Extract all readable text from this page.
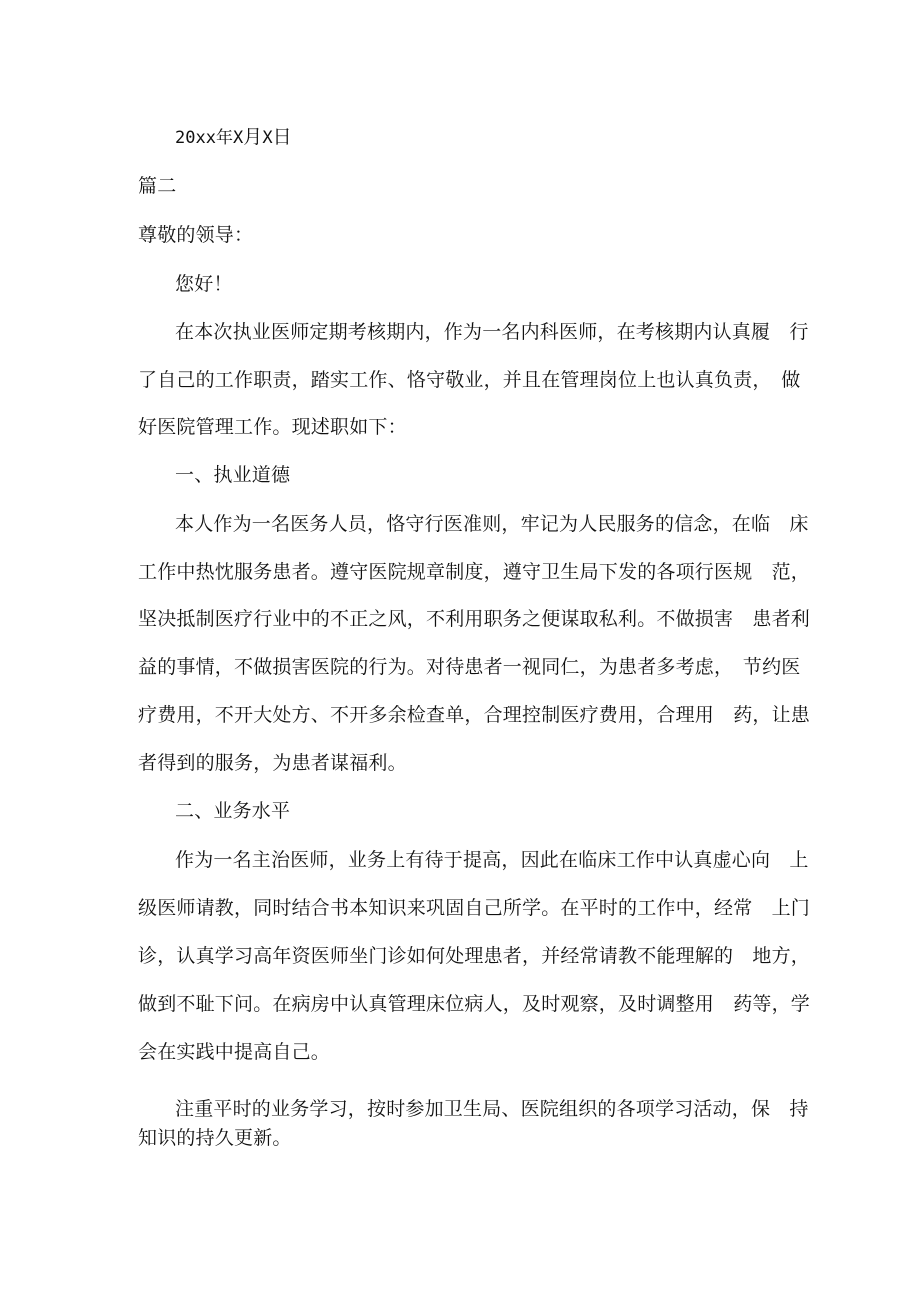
20xx年X月X日
篇二
尊敬的领导：
您好！
在本次执业医师定期考核期内，作为一名内科医师，在考核期内认真履　行
了自己的工作职责，踏实工作、恪守敬业，并且在管理岗位上也认真负责，　做
好医院管理工作。现述职如下：
一、执业道德
本人作为一名医务人员，恪守行医准则，牢记为人民服务的信念，在临　床
工作中热忱服务患者。遵守医院规章制度，遵守卫生局下发的各项行医规　范，
坚决抵制医疗行业中的不正之风，不利用职务之便谋取私利。不做损害　患者利
益的事情，不做损害医院的行为。对待患者一视同仁，为患者多考虑，　节约医
疗费用，不开大处方、不开多余检查单，合理控制医疗费用，合理用　药，让患
者得到的服务，为患者谋福利。
二、业务水平
作为一名主治医师，业务上有待于提高，因此在临床工作中认真虚心向　上
级医师请教，同时结合书本知识来巩固自己所学。在平时的工作中，经常　上门
诊，认真学习高年资医师坐门诊如何处理患者，并经常请教不能理解的　地方，
做到不耻下问。在病房中认真管理床位病人，及时观察，及时调整用　药等，学
会在实践中提高自己。
注重平时的业务学习，按时参加卫生局、医院组织的各项学习活动，保　持
知识的持久更新。
